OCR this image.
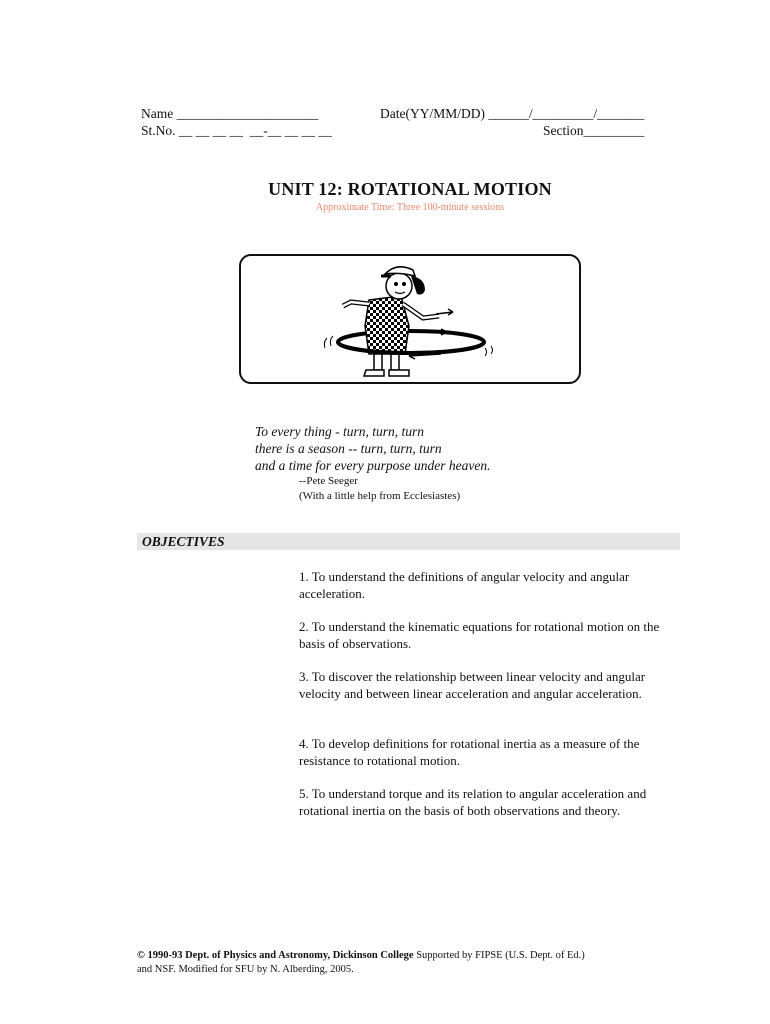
Name _____________________	Date(YY/MM/DD) ______/_________/_______
St.No. __ __ __ __  __-__ __ __ __	Section_________
UNIT 12: ROTATIONAL MOTION
Approximate Time: Three 100-minute sessions
To every thing - turn, turn, turn
there is a season -- turn, turn, turn
and a time for every purpose under heaven.
--Pete Seeger
(With a little help from Ecclesiastes)
OBJECTIVES
1. To understand the definitions of angular velocity and angular acceleration.
2. To understand the kinematic equations for rotational motion on the basis of observations.
3. To discover the relationship between linear velocity and angular velocity and between linear acceleration and angular acceleration.
4. To develop definitions for rotational inertia as a measure of the resistance to rotational motion.
5. To understand torque and its relation to angular acceleration and rotational inertia on the basis of both observations and theory.
© 1990-93 Dept. of Physics and Astronomy, Dickinson College Supported by FIPSE (U.S. Dept. of Ed.)
and NSF. Modified for SFU by N. Alberding, 2005.
